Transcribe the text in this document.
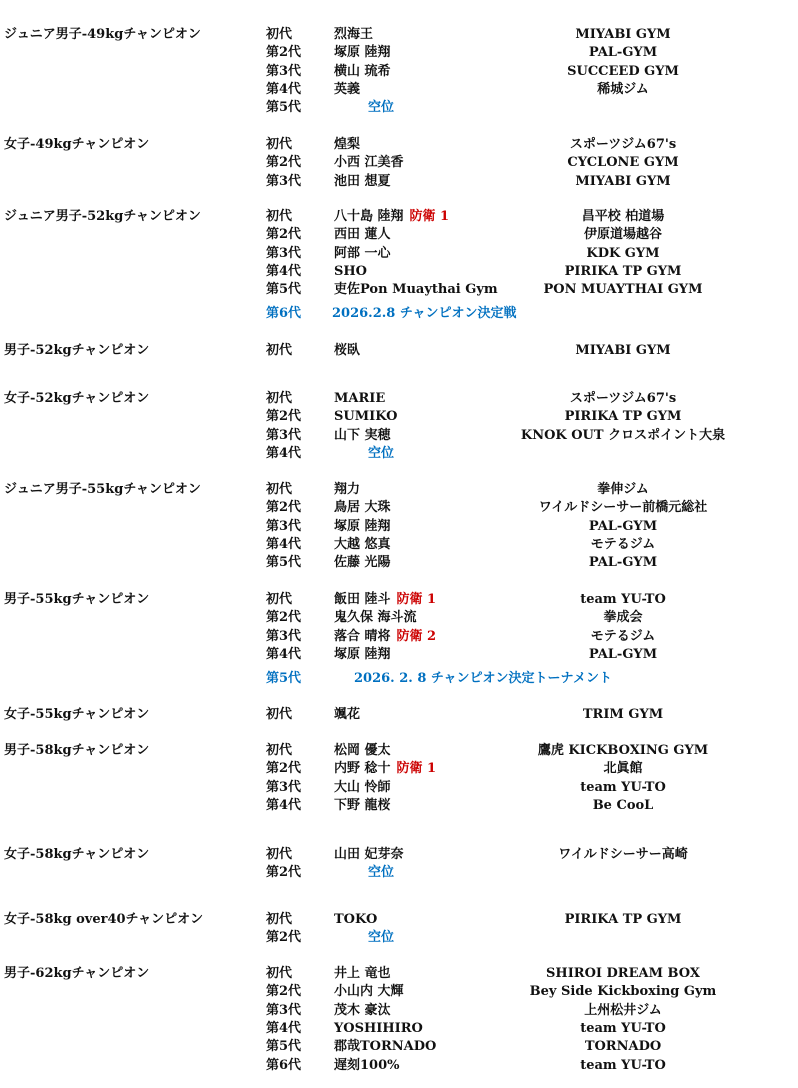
ジュニア男子-49kgチャンピオン	初代	烈海王	MIYABI GYM
第2代	塚原 陸翔	PAL-GYM
第3代	横山 琉希	SUCCEED GYM
第4代	英義	稀城ジム
第5代	空位
女子-49kgチャンピオン	初代	煌梨	スポーツジム67's
第2代	小西 江美香	CYCLONE GYM
第3代	池田 想夏	MIYABI GYM
ジュニア男子-52kgチャンピオン	初代	八十島 陸翔 防衛 1	昌平校 柏道場
第2代	西田 蓮人	伊原道場越谷
第3代	阿部 一心	KDK GYM
第4代	SHO	PIRIKA TP GYM
第5代	吏佐Pon Muaythai Gym	PON MUAYTHAI GYM
第6代 2026.2.8 チャンピオン決定戦
男子-52kgチャンピオン	初代	桜臥	MIYABI GYM
女子-52kgチャンピオン	初代	MARIE	スポーツジム67's
第2代	SUMIKO	PIRIKA TP GYM
第3代	山下 実穂	KNOK OUT クロスポイント大泉
第4代	空位
ジュニア男子-55kgチャンピオン	初代	翔力	拳伸ジム
第2代	鳥居 大珠	ワイルドシーサー前橋元総社
第3代	塚原 陸翔	PAL-GYM
第4代	大越 悠真	モテるジム
第5代	佐藤 光陽	PAL-GYM
男子-55kgチャンピオン	初代	飯田 陸斗 防衛 1	team YU-TO
第2代	鬼久保 海斗流	拳成会
第3代	落合 晴将 防衛 2	モテるジム
第4代	塚原 陸翔	PAL-GYM
第5代	2026. 2. 8 チャンピオン決定トーナメント
女子-55kgチャンピオン	初代	颯花	TRIM GYM
男子-58kgチャンピオン	初代	松岡 優太	鷹虎 KICKBOXING GYM
第2代	内野 稔十 防衛 1	北眞館
第3代	大山 怜師	team YU-TO
第4代	下野 龍桜	Be CooL
女子-58kgチャンピオン	初代	山田 妃芽奈	ワイルドシーサー高崎
第2代	空位
女子-58kg over40チャンピオン	初代	TOKO	PIRIKA TP GYM
第2代	空位
男子-62kgチャンピオン	初代	井上 竜也	SHIROI DREAM BOX
第2代	小山内 大輝	Bey Side Kickboxing Gym
第3代	茂木 豪汰	上州松井ジム
第4代	YOSHIHIRO	team YU-TO
第5代	郡哉TORNADO	TORNADO
第6代	遅刻100%	team YU-TO
